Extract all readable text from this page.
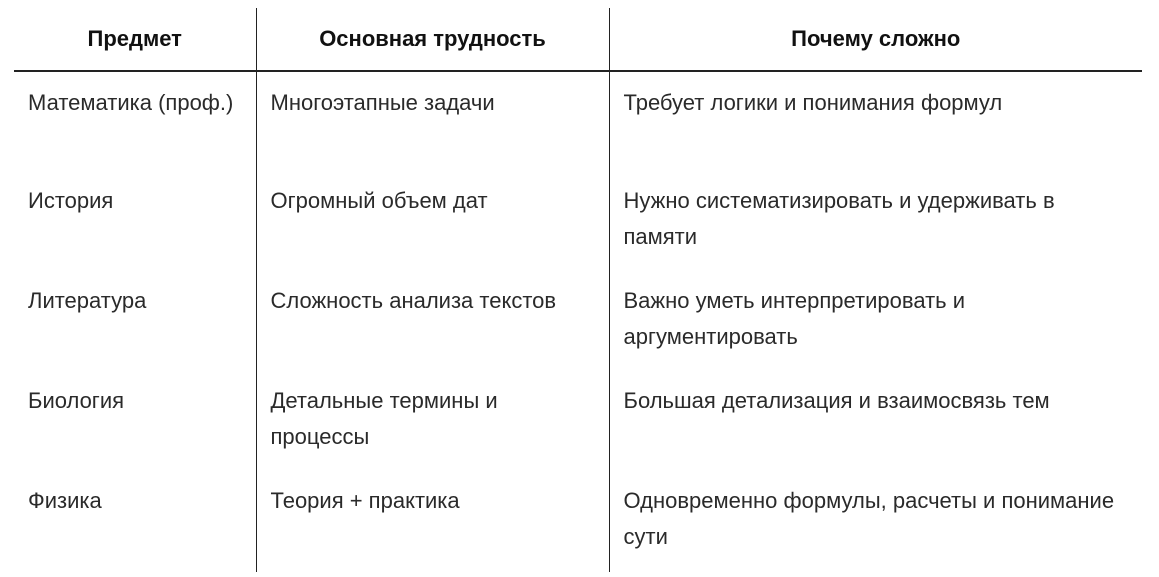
Предмет	Основная трудность	Почему сложно
Математика (проф.)	Многоэтапные задачи	Требует логики и понимания формул
История	Огромный объем дат	Нужно систематизировать и удерживать в памяти
Литература	Сложность анализа текстов	Важно уметь интерпретировать и аргументировать
Биология	Детальные термины и процессы	Большая детализация и взаимосвязь тем
Физика	Теория + практика	Одновременно формулы, расчеты и понимание сути
